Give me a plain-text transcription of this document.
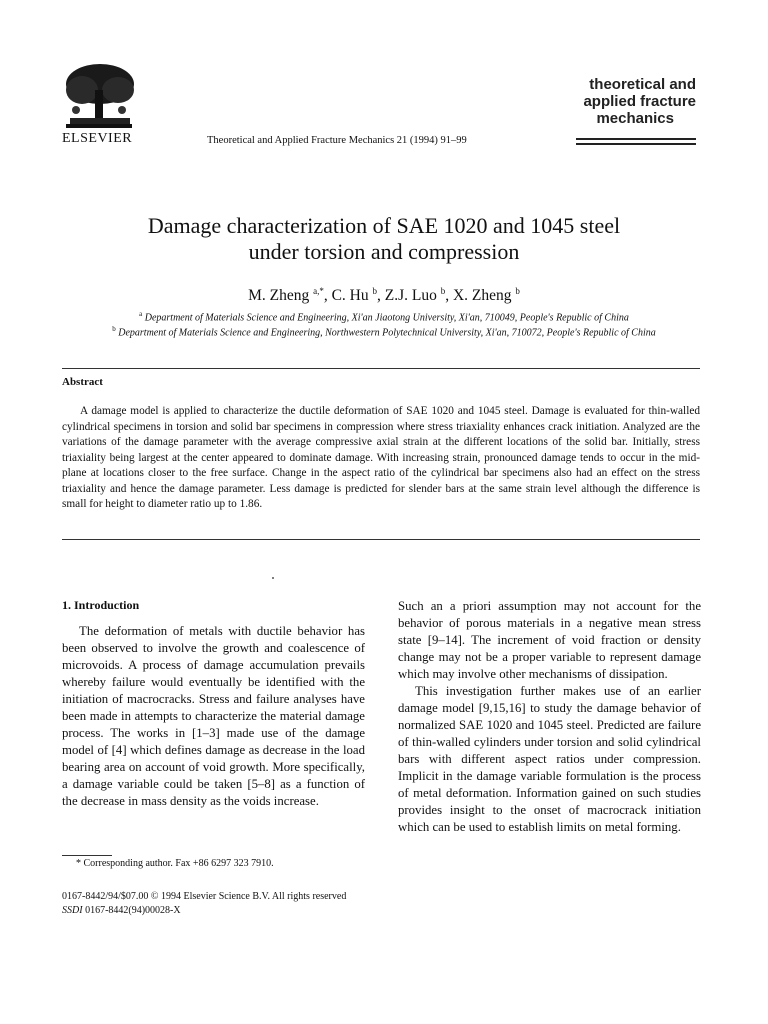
ELSEVIER	Theoretical and Applied Fracture Mechanics 21 (1994) 91–99
theoretical and
applied fracture

mechanics
Damage characterization of SAE 1020 and 1045 steel
under torsion and compression
M. Zheng $^{a,*}$, C. Hu $^b$, Z.J. Luo $^b$, X. Zheng $^b$
$^a$ Department of Materials Science and Engineering, Xi'an Jiaotong University, Xi'an, 710049, People's Republic of China
$^b$ Department of Materials Science and Engineering, Northwestern Polytechnical University, Xi'an, 710072, People's Republic of China
Abstract
A damage model is applied to characterize the ductile deformation of SAE 1020 and 1045 steel. Damage is evaluated for thin-walled cylindrical specimens in torsion and solid bar specimens in compression where stress triaxiality enhances crack initiation. Analyzed are the variations of the damage parameter with the average compressive axial strain at the different locations of the solid bar. Initially, stress triaxiality being largest at the center appeared to dominate damage. With increasing strain, pronounced damage tends to occur in the mid-plane at locations closer to the free surface. Change in the aspect ratio of the cylindrical bar specimens also had an effect on the stress triaxiality and hence the damage parameter. Less damage is predicted for slender bars at the same strain level although the difference is small for height to diameter ratio up to 1.86.
1. Introduction

The deformation of metals with ductile behavior has been observed to involve the growth and coalescence of microvoids. A process of damage accumulation prevails whereby failure would eventually be identified with the initiation of macrocracks. Stress and failure analyses have been made in attempts to characterize the material damage process. The works in [1–3] made use of the damage model of [4] which defines damage as decrease in the load bearing area on account of void growth. More specifically, a damage variable could be taken [5–8] as a function of the decrease in mass density as the voids increase.

Such an a priori assumption may not account for the behavior of porous materials in a negative mean stress state [9–14]. The increment of void fraction or density change may not be a proper variable to represent damage which may involve other mechanisms of dissipation.

This investigation further makes use of an earlier damage model [9,15,16] to study the damage behavior of normalized SAE 1020 and 1045 steel. Predicted are failure of thin-walled cylinders under torsion and solid cylindrical bars with different aspect ratios under compression. Implicit in the damage variable formulation is the process of metal deformation. Information gained on such studies provides insight to the onset of macrocrack initiation which can be used to establish limits on metal forming.

* Corresponding author. Fax +86 6297 323 7910.
0167-8442/94/$07.00 © 1994 Elsevier Science B.V. All rights reserved
SSDI 0167-8442(94)00028-X
